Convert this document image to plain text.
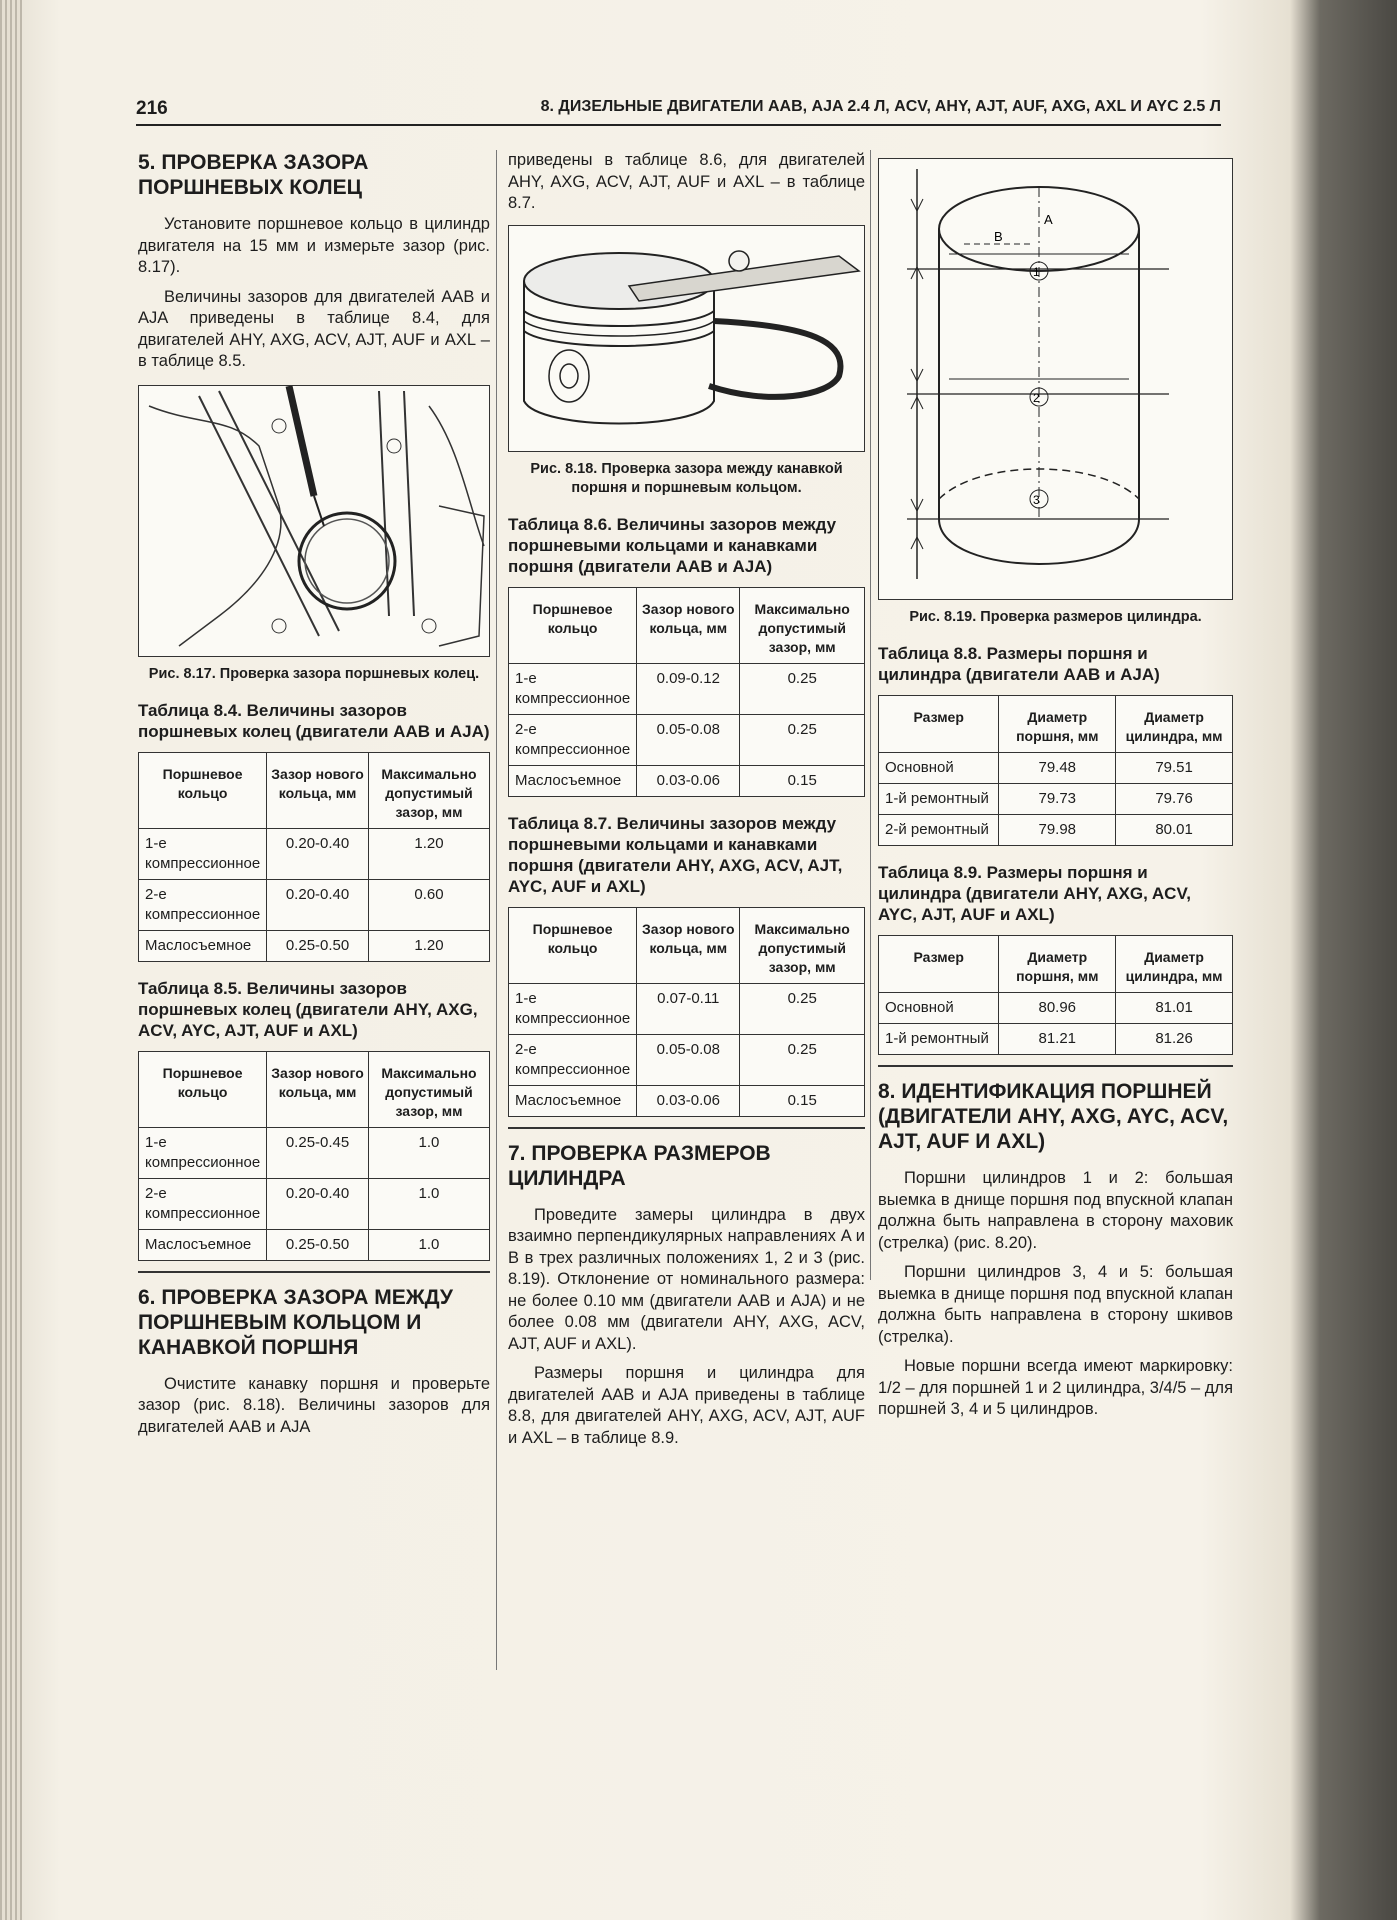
216	8. ДИЗЕЛЬНЫЕ ДВИГАТЕЛИ ААВ, AJA 2.4 Л, ACV, AHY, AJT, AUF, AXG, AXL И AYC 2.5 Л
5. ПРОВЕРКА ЗАЗОРА ПОРШНЕВЫХ КОЛЕЦ

Установите поршневое кольцо в цилиндр двигателя на 15 мм и измерьте зазор (рис. 8.17).

Величины зазоров для двигателей ААВ и AJA приведены в таблице 8.4, для двигателей AHY, AXG, ACV, AJT, AUF и AXL – в таблице 8.5.

Рис. 8.17. Проверка зазора поршневых колец.
Таблица 8.4. Величины зазоров поршневых колец (двигатели ААВ и AJA)
Поршневое кольцо	Зазор нового кольца, мм	Максимально допустимый зазор, мм
1-е компрессионное	0.20-0.40	1.20
2-е компрессионное	0.20-0.40	0.60
Маслосъемное	0.25-0.50	1.20
Таблица 8.5. Величины зазоров поршневых колец (двигатели AHY, AXG, ACV, AYC, AJT, AUF и AXL)
Поршневое кольцо	Зазор нового кольца, мм	Максимально допустимый зазор, мм
1-е компрессионное	0.25-0.45	1.0
2-е компрессионное	0.20-0.40	1.0
Маслосъемное	0.25-0.50	1.0
6. ПРОВЕРКА ЗАЗОРА МЕЖДУ ПОРШНЕВЫМ КОЛЬЦОМ И КАНАВКОЙ ПОРШНЯ

Очистите канавку поршня и проверьте зазор (рис. 8.18). Величины зазоров для двигателей ААВ и AJA

приведены в таблице 8.6, для двигателей AHY, AXG, ACV, AJT, AUF и AXL – в таблице 8.7.

Рис. 8.18. Проверка зазора между канавкой поршня и поршневым кольцом.
Таблица 8.6. Величины зазоров между поршневыми кольцами и канавками поршня (двигатели ААВ и AJA)
Поршневое кольцо	Зазор нового кольца, мм	Максимально допустимый зазор, мм
1-е компрессионное	0.09-0.12	0.25
2-е компрессионное	0.05-0.08	0.25
Маслосъемное	0.03-0.06	0.15
Таблица 8.7. Величины зазоров между поршневыми кольцами и канавками поршня (двигатели AHY, AXG, ACV, AJT, AYC, AUF и AXL)
Поршневое кольцо	Зазор нового кольца, мм	Максимально допустимый зазор, мм
1-е компрессионное	0.07-0.11	0.25
2-е компрессионное	0.05-0.08	0.25
Маслосъемное	0.03-0.06	0.15
7. ПРОВЕРКА РАЗМЕРОВ ЦИЛИНДРА

Проведите замеры цилиндра в двух взаимно перпендикулярных направлениях A и B в трех различных положениях 1, 2 и 3 (рис. 8.19). Отклонение от номинального размера: не более 0.10 мм (двигатели ААВ и AJA) и не более 0.08 мм (двигатели AHY, AXG, ACV, AJT, AUF и AXL).

Размеры поршня и цилиндра для двигателей ААВ и AJA приведены в таблице 8.8, для двигателей AHY, AXG, ACV, AJT, AUF и AXL – в таблице 8.9.

1
2
3
A
B
Рис. 8.19. Проверка размеров цилиндра.
Таблица 8.8. Размеры поршня и цилиндра (двигатели ААВ и AJA)
Размер	Диаметр поршня, мм	Диаметр цилиндра, мм
Основной	79.48	79.51
1-й ремонтный	79.73	79.76
2-й ремонтный	79.98	80.01
Таблица 8.9. Размеры поршня и цилиндра (двигатели AHY, AXG, ACV, AYC, AJT, AUF и AXL)
Размер	Диаметр поршня, мм	Диаметр цилиндра, мм
Основной	80.96	81.01
1-й ремонтный	81.21	81.26
8. ИДЕНТИФИКАЦИЯ ПОРШНЕЙ (ДВИГАТЕЛИ AHY, AXG, AYC, ACV, AJT, AUF И AXL)

Поршни цилиндров 1 и 2: большая выемка в днище поршня под впускной клапан должна быть направлена в сторону маховик (стрелка) (рис. 8.20).

Поршни цилиндров 3, 4 и 5: большая выемка в днище поршня под впускной клапан должна быть направлена в сторону шкивов (стрелка).

Новые поршни всегда имеют маркировку: 1/2 – для поршней 1 и 2 цилиндра, 3/4/5 – для поршней 3, 4 и 5 цилиндров.
